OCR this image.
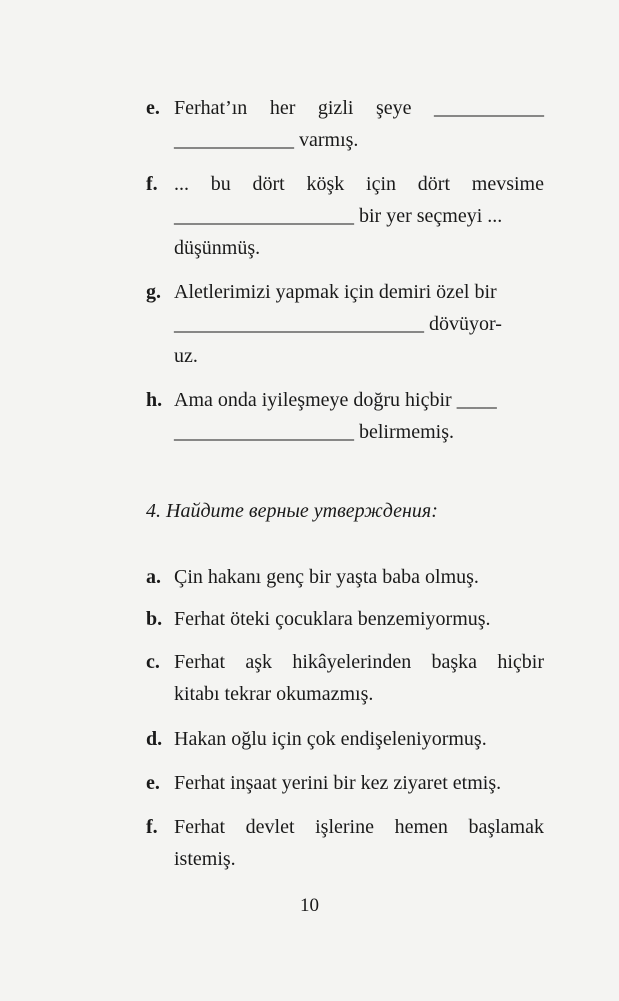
e. Ferhat’ın her gizli şeye ___________
____________ varmış.
f. ... bu dört köşk için dört mevsime
__________________ bir yer seçmeyi ...
düşünmüş.
g. Aletlerimizi yapmak için demiri özel bir
_________________________ dövüyor-
uz.
h. Ama onda iyileşmeye doğru hiçbir ____
__________________ belirmemiş.
4. Найдите верные утверждения:
a. Çin hakanı genç bir yaşta baba olmuş.
b. Ferhat öteki çocuklara benzemiyormuş.
c. Ferhat aşk hikâyelerinden başka hiçbir
kitabı tekrar okumazmış.
d. Hakan oğlu için çok endişeleniyormuş.
e. Ferhat inşaat yerini bir kez ziyaret etmiş.
f. Ferhat devlet işlerine hemen başlamak
istemiş.
10
